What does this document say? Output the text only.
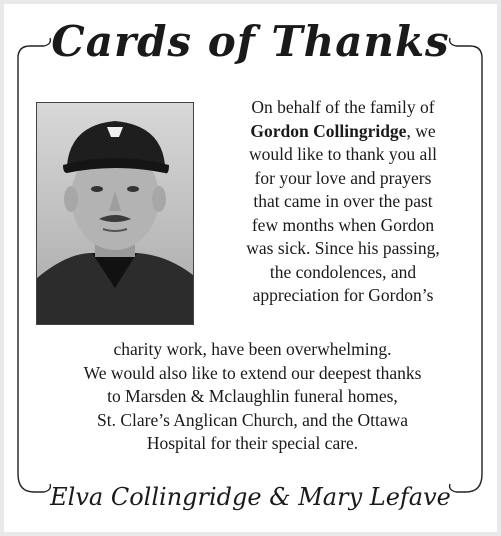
Cards of Thanks
On behalf of the family of
Gordon Collingridge, we
would like to thank you all
for your love and prayers
that came in over the past
few months when Gordon
was sick. Since his passing,
the condolences, and
appreciation for Gordon’s
charity work, have been overwhelming.
We would also like to extend our deepest thanks
to Marsden & Mclaughlin funeral homes,
St. Clare’s Anglican Church, and the Ottawa
Hospital for their special care.
Elva Collingridge & Mary Lefave
